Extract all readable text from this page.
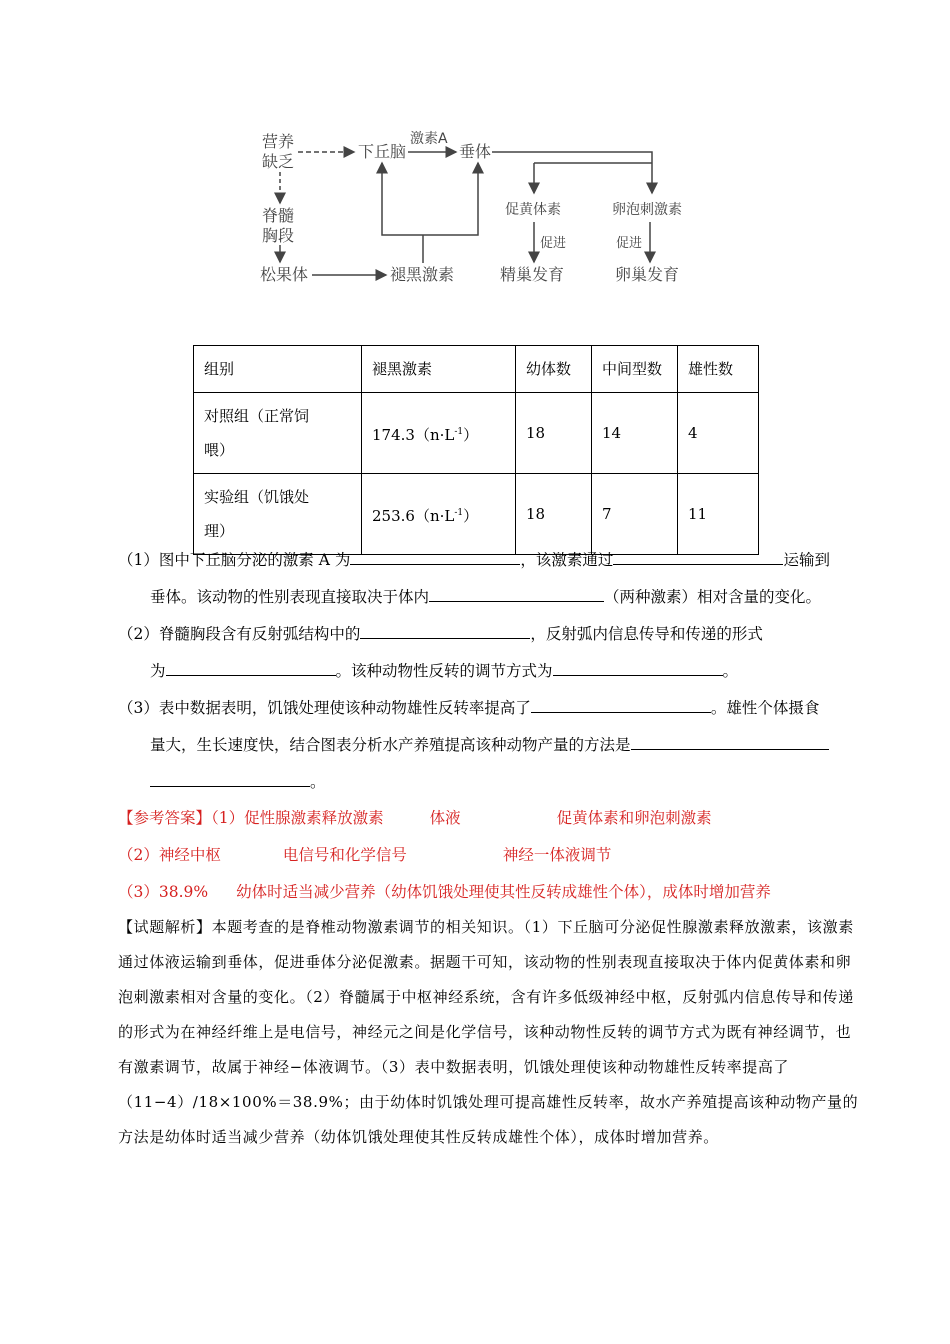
营养
缺乏
下丘脑
激素A
垂体
脊髓
胸段
松果体	褪黑激素
促黄体素	卵泡刺激素
促进	促进
精巢发育	卵巢发育
组别	褪黑激素	幼体数	中间型数	雄性数
对照组（正常饲
喂）	$174.3(n\cdot L^{-1})$	18	14	4
实验组（饥饿处
理）	$253.6(n\cdot L^{-1})$	18	7	11
（1）图中下丘脑分泌的激素 A 为	，该激素通过	运输到
垂体。该动物的性别表现直接取决于体内	（两种激素）相对含量的变化。
（2）脊髓胸段含有反射弧结构中的	，反射弧内信息传导和传递的形式
为	。该种动物性反转的调节方式为	。
（3）表中数据表明，饥饿处理使该种动物雄性反转率提高了	。雄性个体摄食
量大，生长速度快，结合图表分析水产养殖提高该种动物产量的方法是
。
【参考答案】（1）促性腺激素释放激素	体液	促黄体素和卵泡刺激素
（2）神经中枢	电信号和化学信号	神经一体液调节
（3）38.9% 幼体时适当减少营养（幼体饥饿处理使其性反转成雄性个体），成体时增加营养
【试题解析】本题考查的是脊椎动物激素调节的相关知识。（1）下丘脑可分泌促性腺激素释放激素，该激素通过体液运输到垂体，促进垂体分泌促激素。据题干可知，该动物的性别表现直接取决于体内促黄体素和卵泡刺激素相对含量的变化。（2）脊髓属于中枢神经系统，含有许多低级神经中枢，反射弧内信息传导和传递的形式为在神经纤维上是电信号，神经元之间是化学信号，该种动物性反转的调节方式为既有神经调节，也有激素调节，故属于神经−体液调节。（3）表中数据表明，饥饿处理使该种动物雄性反转率提高了（11−4）/18×100%＝38.9%；由于幼体时饥饿处理可提高雄性反转率，故水产养殖提高该种动物产量的方法是幼体时适当减少营养（幼体饥饿处理使其性反转成雄性个体），成体时增加营养。
